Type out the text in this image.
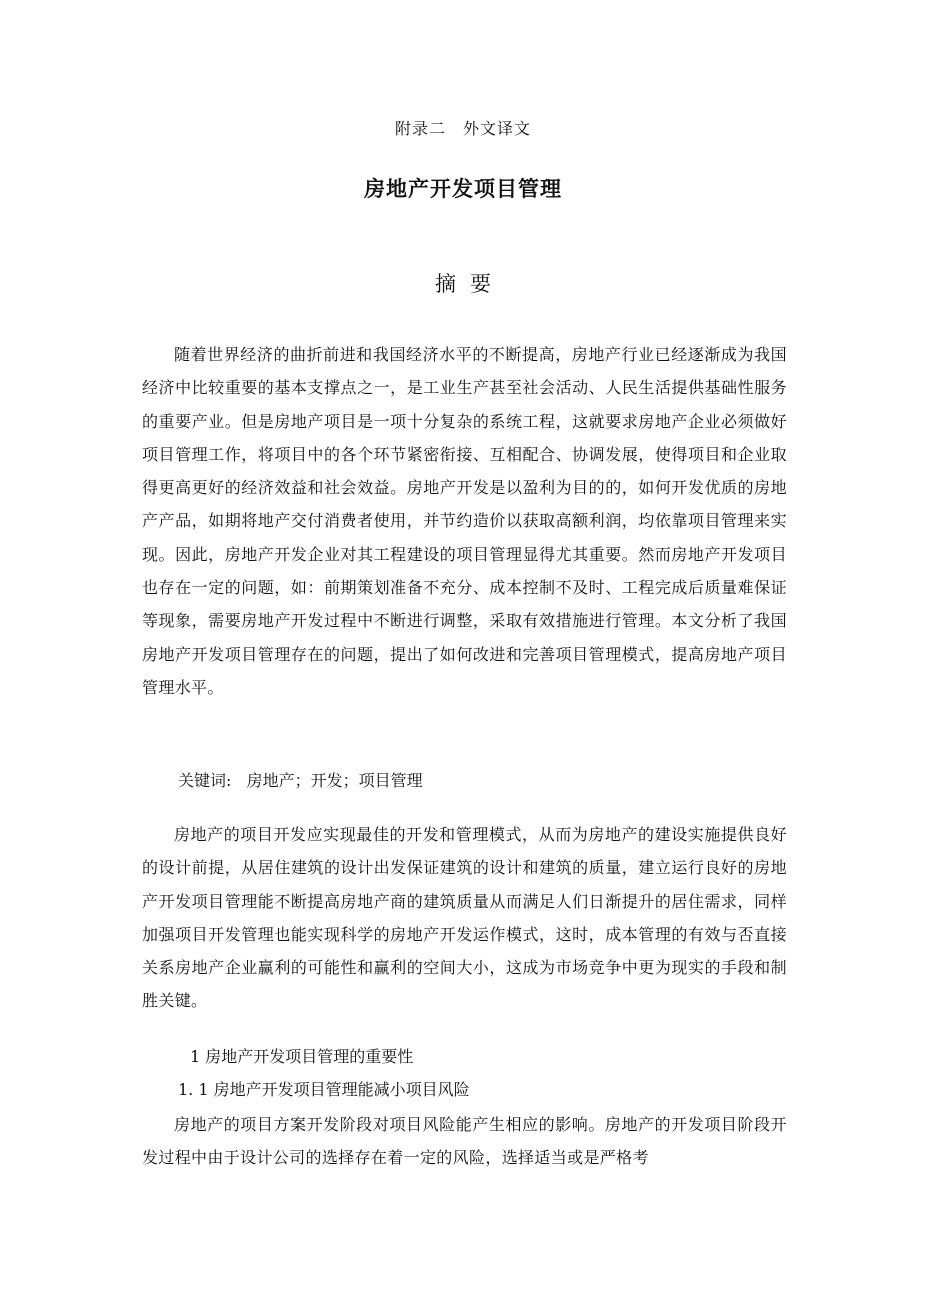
附录二　外文译文
房地产开发项目管理
摘要

随着世界经济的曲折前进和我国经济水平的不断提高，房地产行业已经逐渐成为我国经济中比较重要的基本支撑点之一，是工业生产甚至社会活动、人民生活提供基础性服务的重要产业。但是房地产项目是一项十分复杂的系统工程，这就要求房地产企业必须做好项目管理工作，将项目中的各个环节紧密衔接、互相配合、协调发展，使得项目和企业取得更高更好的经济效益和社会效益。房地产开发是以盈利为目的的，如何开发优质的房地产产品，如期将地产交付消费者使用，并节约造价以获取高额利润，均依靠项目管理来实现。因此，房地产开发企业对其工程建设的项目管理显得尤其重要。然而房地产开发项目也存在一定的问题，如：前期策划准备不充分、成本控制不及时、工程完成后质量难保证等现象，需要房地产开发过程中不断进行调整，采取有效措施进行管理。本文分析了我国房地产开发项目管理存在的问题，提出了如何改进和完善项目管理模式，提高房地产项目管理水平。

关键词: 房地产；开发；项目管理

房地产的项目开发应实现最佳的开发和管理模式，从而为房地产的建设实施提供良好的设计前提，从居住建筑的设计出发保证建筑的设计和建筑的质量，建立运行良好的房地产开发项目管理能不断提高房地产商的建筑质量从而满足人们日渐提升的居住需求，同样加强项目开发管理也能实现科学的房地产开发运作模式，这时，成本管理的有效与否直接关系房地产企业赢利的可能性和赢利的空间大小，这成为市场竞争中更为现实的手段和制胜关键。

1 房地产开发项目管理的重要性
1. 1 房地产开发项目管理能减小项目风险

房地产的项目方案开发阶段对项目风险能产生相应的影响。房地产的开发项目阶段开发过程中由于设计公司的选择存在着一定的风险，选择适当或是严格考
